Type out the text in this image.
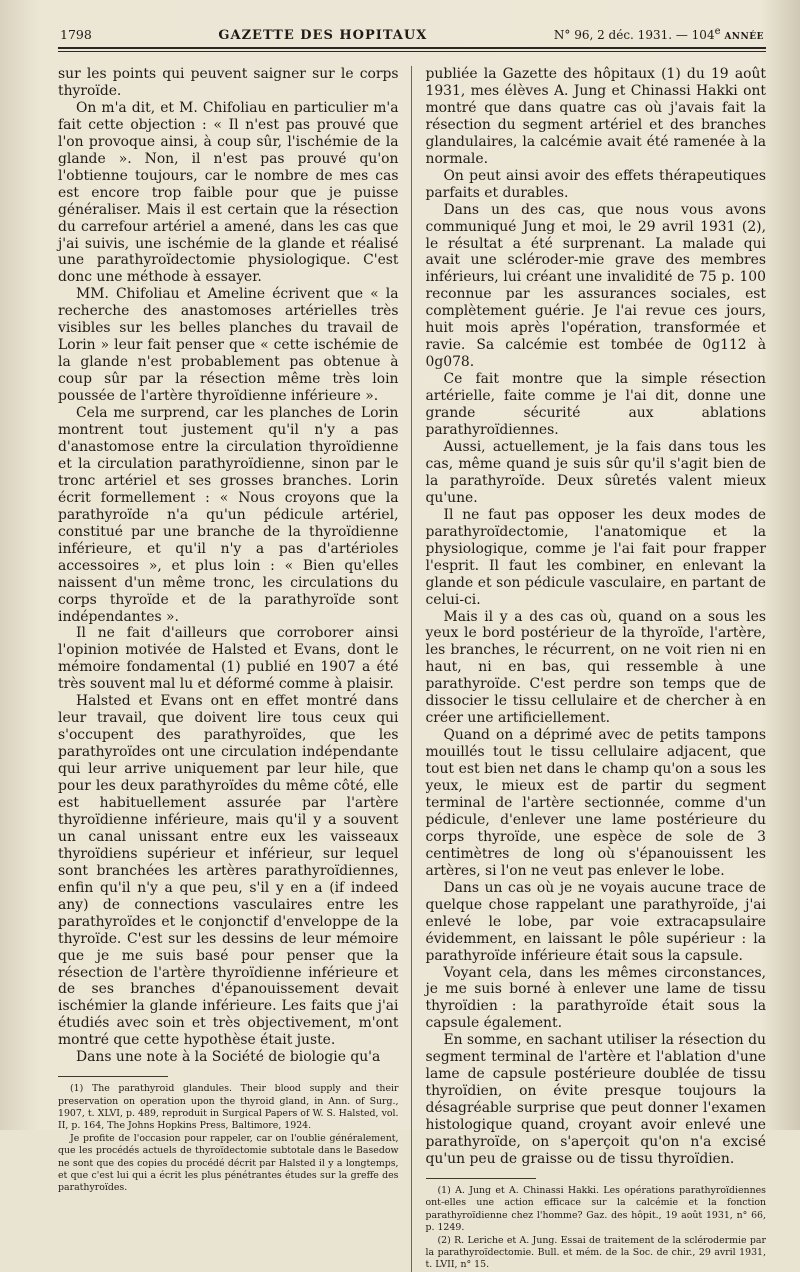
1798	GAZETTE DES HOPITAUX	N° 96, 2 déc. 1931. — 104e ANNÉE

sur les points qui peuvent saigner sur le corps thyroïde.

On m'a dit, et M. Chifoliau en particulier m'a fait cette objection : « Il n'est pas prouvé que l'on provoque ainsi, à coup sûr, l'ischémie de la glande ». Non, il n'est pas prouvé qu'on l'obtienne toujours, car le nombre de mes cas est encore trop faible pour que je puisse généraliser. Mais il est certain que la résection du carrefour artériel a amené, dans les cas que j'ai suivis, une ischémie de la glande et réalisé une parathyroïdectomie physiologique. C'est donc une méthode à essayer.

MM. Chifoliau et Ameline écrivent que « la recherche des anastomoses artérielles très visibles sur les belles planches du travail de Lorin » leur fait penser que « cette ischémie de la glande n'est probablement pas obtenue à coup sûr par la résection même très loin poussée de l'artère thyroïdienne inférieure ».

Cela me surprend, car les planches de Lorin montrent tout justement qu'il n'y a pas d'anastomose entre la circulation thyroïdienne et la circulation parathyroïdienne, sinon par le tronc artériel et ses grosses branches. Lorin écrit formellement : « Nous croyons que la parathyroïde n'a qu'un pédicule artériel, constitué par une branche de la thyroïdienne inférieure, et qu'il n'y a pas d'artérioles accessoires », et plus loin : « Bien qu'elles naissent d'un même tronc, les circulations du corps thyroïde et de la parathyroïde sont indépendantes ».

Il ne fait d'ailleurs que corroborer ainsi l'opinion motivée de Halsted et Evans, dont le mémoire fondamental (1) publié en 1907 a été très souvent mal lu et déformé comme à plaisir.

Halsted et Evans ont en effet montré dans leur travail, que doivent lire tous ceux qui s'occupent des parathyroïdes, que les parathyroïdes ont une circulation indépendante qui leur arrive uniquement par leur hile, que pour les deux parathyroïdes du même côté, elle est habituellement assurée par l'artère thyroïdienne inférieure, mais qu'il y a souvent un canal unissant entre eux les vaisseaux thyroïdiens supérieur et inférieur, sur lequel sont branchées les artères parathyroïdiennes, enfin qu'il n'y a que peu, s'il y en a (if indeed any) de connections vasculaires entre les parathyroïdes et le conjonctif d'enveloppe de la thyroïde. C'est sur les dessins de leur mémoire que je me suis basé pour penser que la résection de l'artère thyroïdienne inférieure et de ses branches d'épanouissement devait ischémier la glande inférieure. Les faits que j'ai étudiés avec soin et très objectivement, m'ont montré que cette hypothèse était juste.

Dans une note à la Société de biologie qu'a

(1) The parathyroid glandules. Their blood supply and their preservation on operation upon the thyroid gland, in Ann. of Surg., 1907, t. XLVI, p. 489, reproduit in Surgical Papers of W. S. Halsted, vol. II, p. 164, The Johns Hopkins Press, Baltimore, 1924.

Je profite de l'occasion pour rappeler, car on l'oublie généralement, que les procédés actuels de thyroïdectomie subtotale dans le Basedow ne sont que des copies du procédé décrit par Halsted il y a longtemps, et que c'est lui qui a écrit les plus pénétrantes études sur la greffe des parathyroïdes.

publiée la Gazette des hôpitaux (1) du 19 août 1931, mes élèves A. Jung et Chinassi Hakki ont montré que dans quatre cas où j'avais fait la résection du segment artériel et des branches glandulaires, la calcémie avait été ramenée à la normale.

On peut ainsi avoir des effets thérapeutiques parfaits et durables.

Dans un des cas, que nous vous avons communiqué Jung et moi, le 29 avril 1931 (2), le résultat a été surprenant. La malade qui avait une scléroder-mie grave des membres inférieurs, lui créant une invalidité de 75 p. 100 reconnue par les assurances sociales, est complètement guérie. Je l'ai revue ces jours, huit mois après l'opération, transformée et ravie. Sa calcémie est tombée de 0g112 à 0g078.

Ce fait montre que la simple résection artérielle, faite comme je l'ai dit, donne une grande sécurité aux ablations parathyroïdiennes.

Aussi, actuellement, je la fais dans tous les cas, même quand je suis sûr qu'il s'agit bien de la parathyroïde. Deux sûretés valent mieux qu'une.

Il ne faut pas opposer les deux modes de parathyroïdectomie, l'anatomique et la physiologique, comme je l'ai fait pour frapper l'esprit. Il faut les combiner, en enlevant la glande et son pédicule vasculaire, en partant de celui-ci.

Mais il y a des cas où, quand on a sous les yeux le bord postérieur de la thyroïde, l'artère, les branches, le récurrent, on ne voit rien ni en haut, ni en bas, qui ressemble à une parathyroïde. C'est perdre son temps que de dissocier le tissu cellulaire et de chercher à en créer une artificiellement.

Quand on a déprimé avec de petits tampons mouillés tout le tissu cellulaire adjacent, que tout est bien net dans le champ qu'on a sous les yeux, le mieux est de partir du segment terminal de l'artère sectionnée, comme d'un pédicule, d'enlever une lame postérieure du corps thyroïde, une espèce de sole de 3 centimètres de long où s'épanouissent les artères, si l'on ne veut pas enlever le lobe.

Dans un cas où je ne voyais aucune trace de quelque chose rappelant une parathyroïde, j'ai enlevé le lobe, par voie extracapsulaire évidemment, en laissant le pôle supérieur : la parathyroïde inférieure était sous la capsule.

Voyant cela, dans les mêmes circonstances, je me suis borné à enlever une lame de tissu thyroïdien : la parathyroïde était sous la capsule également.

En somme, en sachant utiliser la résection du segment terminal de l'artère et l'ablation d'une lame de capsule postérieure doublée de tissu thyroïdien, on évite presque toujours la désagréable surprise que peut donner l'examen histologique quand, croyant avoir enlevé une parathyroïde, on s'aperçoit qu'on n'a excisé qu'un peu de graisse ou de tissu thyroïdien.

(1) A. Jung et A. Chinassi Hakki. Les opérations parathyroïdiennes ont-elles une action efficace sur la calcémie et la fonction parathyroïdienne chez l'homme? Gaz. des hôpit., 19 août 1931, n° 66, p. 1249.

(2) R. Leriche et A. Jung. Essai de traitement de la sclérodermie par la parathyroïdectomie. Bull. et mém. de la Soc. de chir., 29 avril 1931, t. LVII, n° 15.
